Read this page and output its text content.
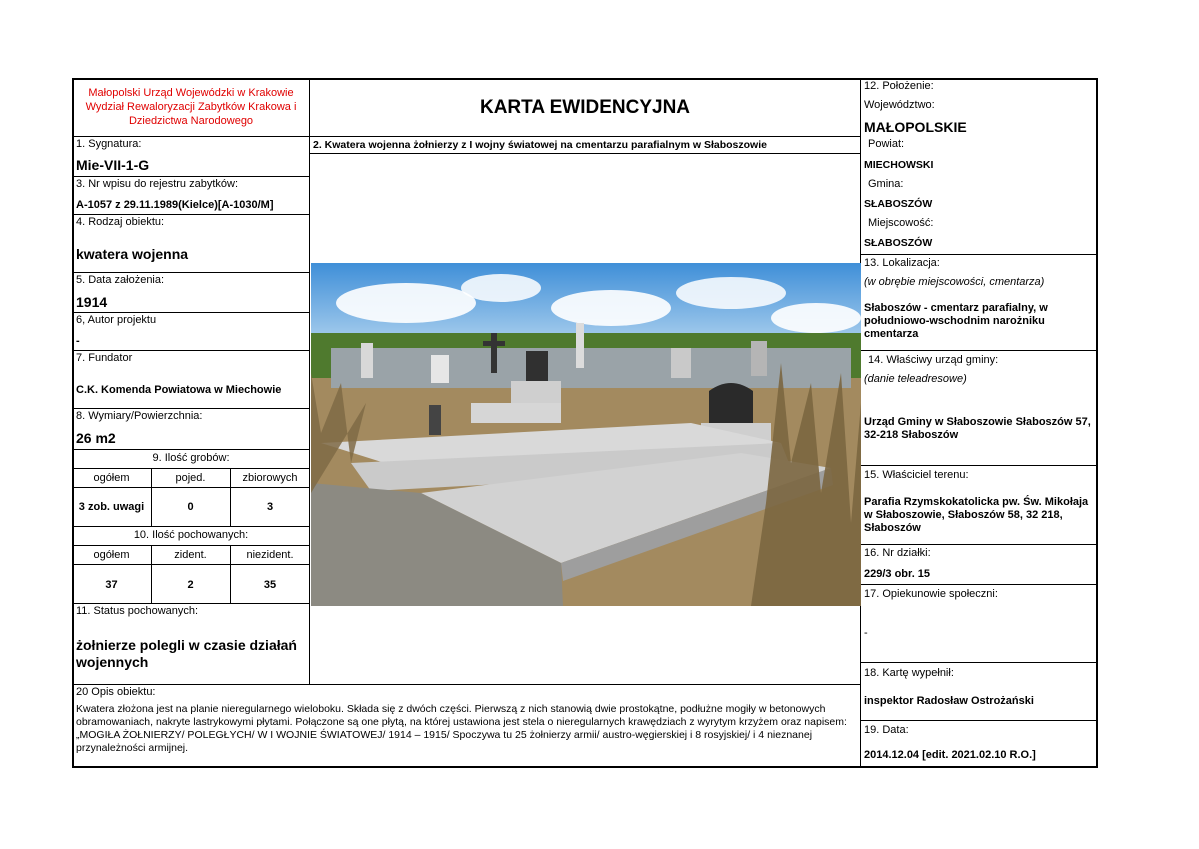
Małopolski Urząd Wojewódzki w Krakowie Wydział Rewaloryzacji Zabytków Krakowa i Dziedzictwa Narodowego
KARTA EWIDENCYJNA
1. Sygnatura:
Mie-VII-1-G
3. Nr wpisu do rejestru zabytków:
A-1057 z 29.11.1989(Kielce)[A-1030/M]
4. Rodzaj obiektu:
kwatera wojenna
5. Data założenia:
1914
6, Autor projektu
-
7. Fundator
C.K. Komenda Powiatowa w Miechowie
8. Wymiary/Powierzchnia:
26 m2
9. Ilość grobów:
ogółem	pojed.	zbiorowych
3 zob. uwagi	0	3
10. Ilość pochowanych:
ogółem	zident.	niezident.
37	2	35
11. Status pochowanych:
żołnierze polegli w czasie działań wojennych
2. Kwatera wojenna żołnierzy z I wojny światowej na cmentarzu parafialnym w Słaboszowie
12. Położenie:
Województwo:
MAŁOPOLSKIE
Powiat:
MIECHOWSKI
Gmina:
SŁABOSZÓW
Miejscowość:
SŁABOSZÓW
13. Lokalizacja:
(w obrębie miejscowości, cmentarza)
Słaboszów - cmentarz parafialny, w południowo-wschodnim narożniku cmentarza
14. Właściwy urząd gminy:
(danie teleadresowe)
Urząd Gminy w Słaboszowie Słaboszów 57, 32-218 Słaboszów
15. Właściciel terenu:
Parafia Rzymskokatolicka pw. Św. Mikołaja w Słaboszowie, Słaboszów 58, 32 218, Słaboszów
16. Nr działki:
229/3 obr. 15
17. Opiekunowie społeczni:
-
18. Kartę wypełnił:
inspektor Radosław Ostrożański
19. Data:
2014.12.04 [edit. 2021.02.10 R.O.]
20 Opis obiektu:
Kwatera złożona jest na planie nieregularnego wieloboku. Składa się z dwóch części. Pierwszą z nich stanowią dwie prostokątne, podłużne mogiły w betonowych obramowaniach, nakryte lastrykowymi płytami. Połączone są one płytą, na której ustawiona jest stela o nieregularnych krawędziach z wyrytym krzyżem oraz napisem: „MOGIŁA ŻOŁNIERZY/ POLEGŁYCH/ W I WOJNIE ŚWIATOWEJ/ 1914 – 1915/ Spoczywa tu 25 żołnierzy armii/ austro-węgierskiej i 8 rosyjskiej/ i 4 nieznanej przynależności armijnej.
